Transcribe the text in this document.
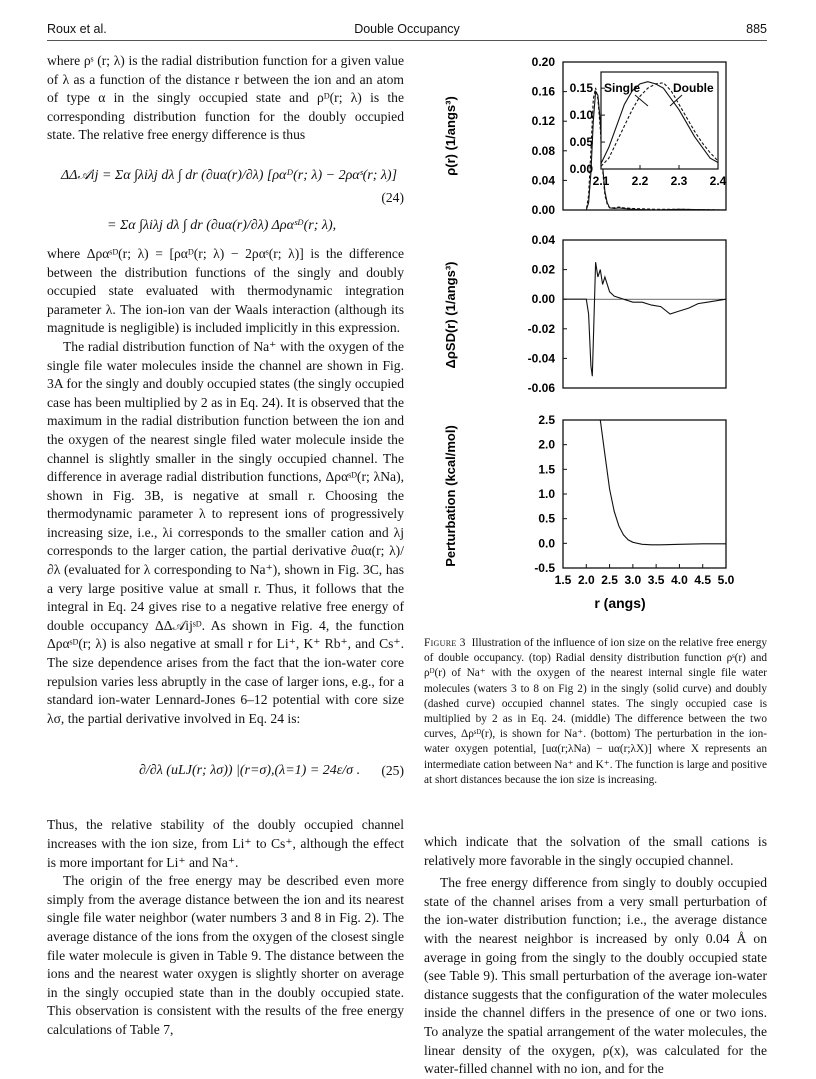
Roux et al.	Double Occupancy	885

where ρˢ (r; λ) is the radial distribution function for a given value of λ as a function of the distance r between the ion and an atom of type α in the singly occupied state and ρᴰ(r; λ) is the corresponding distribution function for the doubly occupied state. The relative free energy difference is thus

ΔΔ𝒜ij = Σα ∫λiλj dλ ∫ dr (∂uα(r)/∂λ) [ραᴰ(r; λ) − 2ραˢ(r; λ)]
(24)
= Σα ∫λiλj dλ ∫ dr (∂uα(r)/∂λ) Δραˢᴰ(r; λ),

where Δραˢᴰ(r; λ) = [ραᴰ(r; λ) − 2ραˢ(r; λ)] is the difference between the distribution functions of the singly and doubly occupied state evaluated with thermodynamic integration parameter λ. The ion-ion van der Waals interaction (although its magnitude is negligible) is included implicitly in this expression.

The radial distribution function of Na⁺ with the oxygen of the single file water molecules inside the channel are shown in Fig. 3A for the singly and doubly occupied states (the singly occupied case has been multiplied by 2 as in Eq. 24). It is observed that the maximum in the radial distribution function between the ion and the oxygen of the nearest single filed water molecule inside the channel is slightly smaller in the singly occupied channel. The difference in average radial distribution functions, Δραˢᴰ(r; λNa), shown in Fig. 3B, is negative at small r. Choosing the thermodynamic parameter λ to represent ions of progressively increasing size, i.e., λi corresponds to the smaller cation and λj corresponds to the larger cation, the partial derivative ∂uα(r; λ)/∂λ (evaluated for λ corresponding to Na⁺), shown in Fig. 3C, has a very large positive value at small r. Thus, it follows that the integral in Eq. 24 gives rise to a negative relative free energy of double occupancy ΔΔ𝒜ijˢᴰ. As shown in Fig. 4, the function Δραˢᴰ(r; λ) is also negative at small r for Li⁺, K⁺ Rb⁺, and Cs⁺. The size dependence arises from the fact that the ion-water core repulsion varies less abruptly in the case of larger ions, e.g., for a standard ion-water Lennard-Jones 6–12 potential with core size λσ, the partial derivative involved in Eq. 24 is:

∂/∂λ (uLJ(r; λσ)) |(r=σ),(λ=1) = 24ε/σ . (25)

Thus, the relative stability of the doubly occupied channel increases with the ion size, from Li⁺ to Cs⁺, although the effect is more important for Li⁺ and Na⁺.

The origin of the free energy may be described even more simply from the average distance between the ion and its nearest single file water neighbor (water numbers 3 and 8 in Fig. 2). The average distance of the ions from the oxygen of the closest single file water molecule is given in Table 9. The distance between the ions and the nearest water oxygen is slightly shorter on average in the singly occupied state than in the doubly occupied state. This observation is consistent with the results of the free energy calculations of Table 7,

0.00
0.04
0.08
0.12
0.16
0.20
0.00
0.05
0.10
0.15
2.1 2.2 2.3 2.4
Single	Double
ρ(r) (1/angs³)
-0.06
-0.04
-0.02
0.00
0.02
0.04
ΔρSD(r) (1/angs³)
-0.5
0.0
0.5
1.0
1.5
2.0
2.5
1.5 2.0 2.5 3.0 3.5 4.0 4.5 5.0
Perturbation (kcal/mol)
r (angs)
Figure 3 Illustration of the influence of ion size on the relative free energy of double occupancy. (top) Radial density distribution function ρˢ(r) and ρᴰ(r) of Na⁺ with the oxygen of the nearest internal single file water molecules (waters 3 to 8 on Fig 2) in the singly (solid curve) and doubly (dashed curve) occupied channel states. The singly occupied case is multiplied by 2 as in Eq. 24. (middle) The difference between the two curves, Δρˢᴰ(r), is shown for Na⁺. (bottom) The perturbation in the ion-water oxygen potential, [uα(r;λNa) − uα(r;λX)] where X represents an intermediate cation between Na⁺ and K⁺. The function is large and positive at short distances because the ion size is increasing.

which indicate that the solvation of the small cations is relatively more favorable in the singly occupied channel.

The free energy difference from singly to doubly occupied state of the channel arises from a very small perturbation of the ion-water distribution function; i.e., the average distance with the nearest neighbor is increased by only 0.04 Å on average in going from the singly to the doubly occupied state (see Table 9). This small perturbation of the average ion-water distance suggests that the configuration of the water molecules inside the channel differs in the presence of one or two ions. To analyze the spatial arrangement of the water molecules, the linear density of the oxygen, ρ(x), was calculated for the water-filled channel with no ion, and for the
